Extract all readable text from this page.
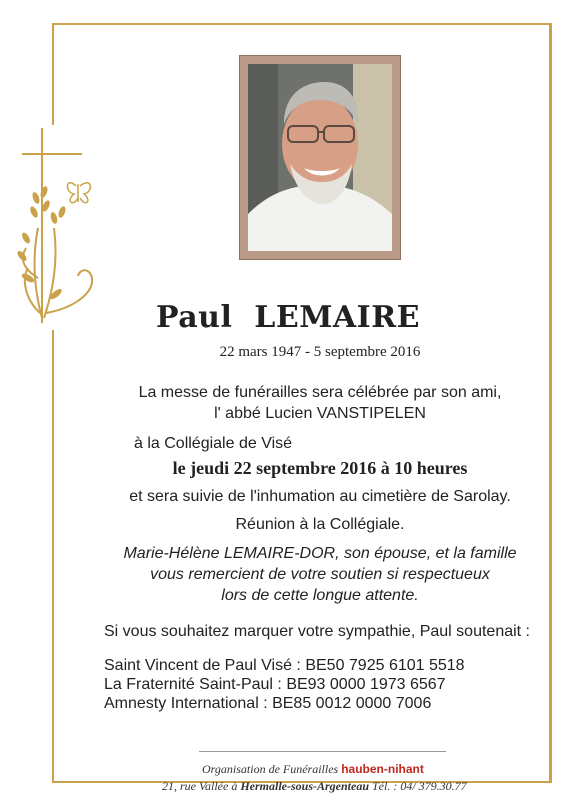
Paul  LEMAIRE
22 mars 1947 - 5 septembre 2016
La messe de funérailles sera célébrée par son ami,
l' abbé Lucien VANSTIPELEN
à la Collégiale de Visé
le jeudi 22 septembre 2016 à 10 heures
et sera suivie de l'inhumation au cimetière de Sarolay.
Réunion à la Collégiale.
Marie-Hélène LEMAIRE-DOR, son épouse, et la famille
vous remercient de votre soutien si respectueux
lors de cette longue attente.
Si vous souhaitez marquer votre sympathie, Paul soutenait :
Saint Vincent de Paul Visé : BE50 7925 6101 5518
La Fraternité Saint-Paul : BE93 0000 1973 6567
Amnesty International : BE85 0012 0000 7006
Organisation de Funérailles hauben-nihant
21, rue Vallée à Hermalle-sous-Argenteau Tél. : 04/ 379.30.77
